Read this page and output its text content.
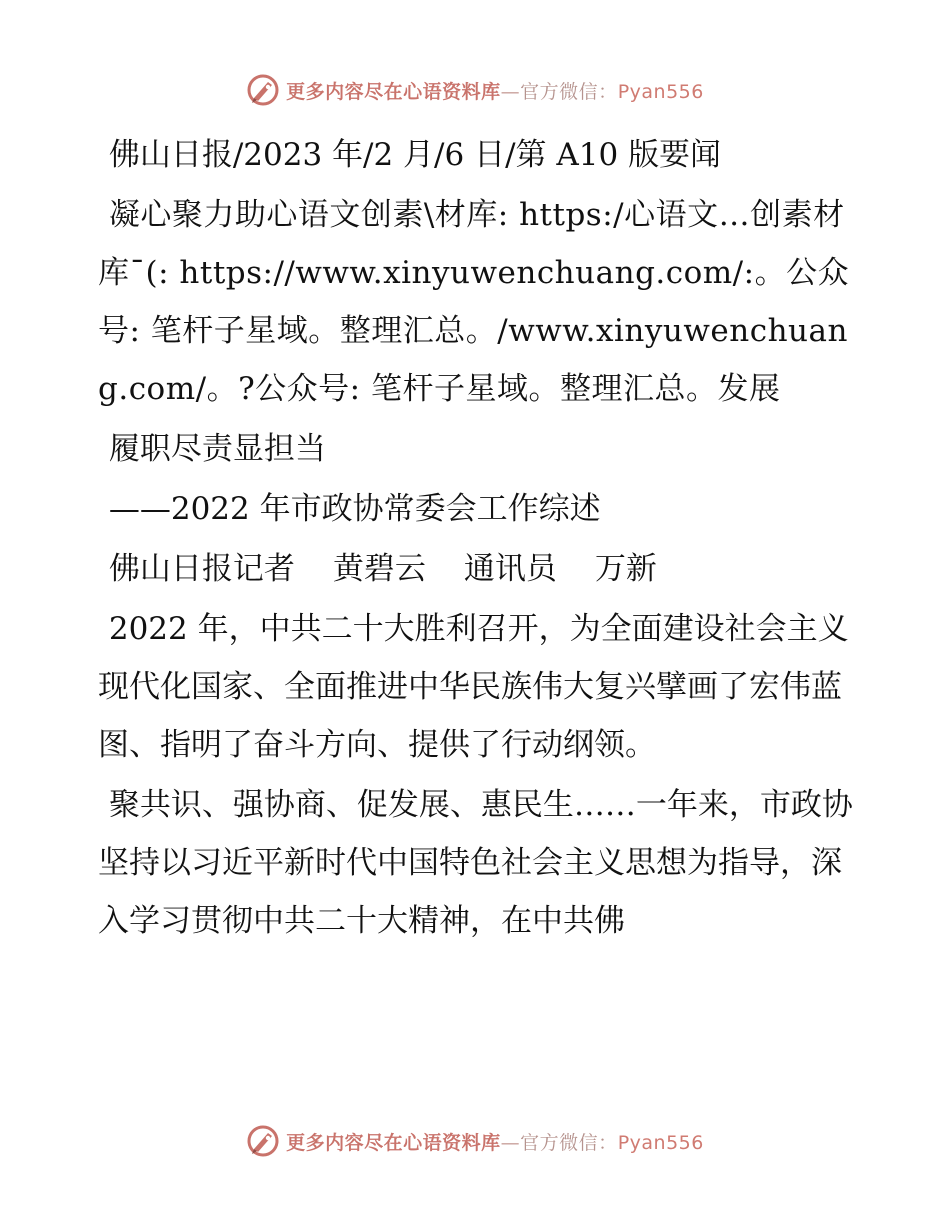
更多内容尽在心语资料库—官方微信：Pyan556

佛山日报/2023 年/2 月/6 日/第 A10 版要闻

凝心聚力助心语文创素\材库: https:/心语文…创素材库¯(: https://www.xinyuwenchuang.com/:。公众号: 笔杆子星域。整理汇总。/www.xinyuwenchuang.com/。?公众号: 笔杆子星域。整理汇总。发展

履职尽责显担当

——2022 年市政协常委会工作综述

佛山日报记者 黄碧云 通讯员 万新

2022 年，中共二十大胜利召开，为全面建设社会主义现代化国家、全面推进中华民族伟大复兴擘画了宏伟蓝图、指明了奋斗方向、提供了行动纲领。

聚共识、强协商、促发展、惠民生……一年来，市政协坚持以习近平新时代中国特色社会主义思想为指导，深入学习贯彻中共二十大精神，在中共佛

更多内容尽在心语资料库—官方微信：Pyan556
